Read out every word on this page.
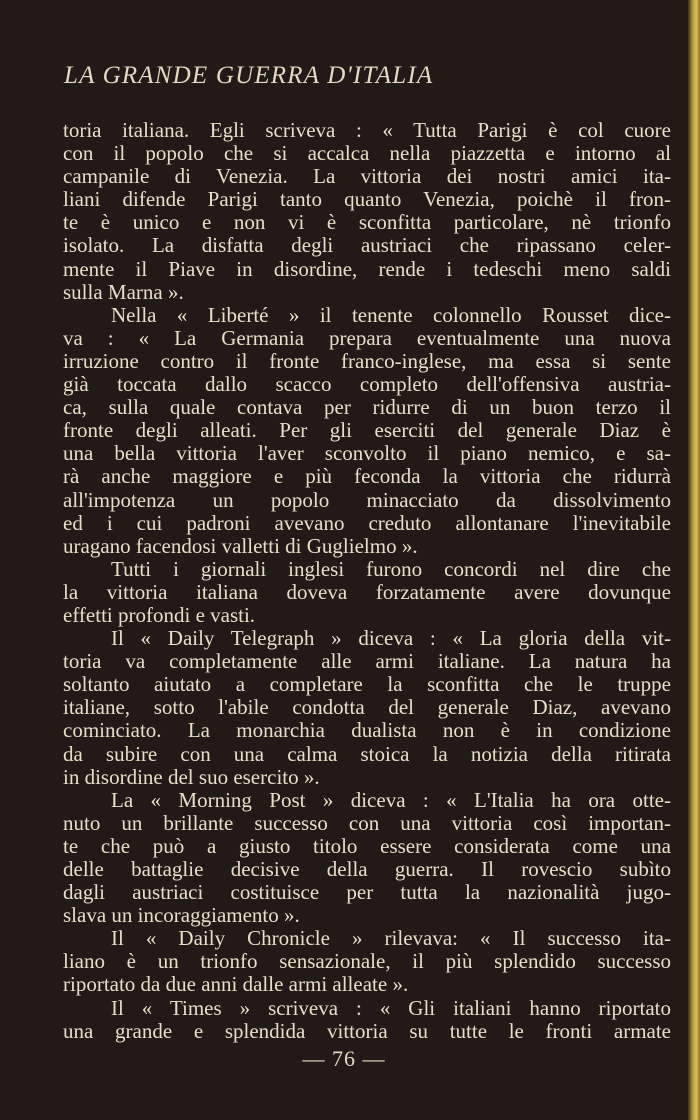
LA GRANDE GUERRA D'ITALIA
toria italiana. Egli scriveva : « Tutta Parigi è col cuore
con il popolo che si accalca nella piazzetta e intorno al
campanile di Venezia. La vittoria dei nostri amici ita-
liani difende Parigi tanto quanto Venezia, poichè il fron-
te è unico e non vi è sconfitta particolare, nè trionfo
isolato. La disfatta degli austriaci che ripassano celer-
mente il Piave in disordine, rende i tedeschi meno saldi
sulla Marna ».
Nella « Liberté » il tenente colonnello Rousset dice-
va : « La Germania prepara eventualmente una nuova
irruzione contro il fronte franco-inglese, ma essa si sente
già toccata dallo scacco completo dell'offensiva austria-
ca, sulla quale contava per ridurre di un buon terzo il
fronte degli alleati. Per gli eserciti del generale Diaz è
una bella vittoria l'aver sconvolto il piano nemico, e sa-
rà anche maggiore e più feconda la vittoria che ridurrà
all'impotenza un popolo minacciato da dissolvimento
ed i cui padroni avevano creduto allontanare l'inevitabile
uragano facendosi valletti di Guglielmo ».
Tutti i giornali inglesi furono concordi nel dire che
la vittoria italiana doveva forzatamente avere dovunque
effetti profondi e vasti.
Il « Daily Telegraph » diceva : « La gloria della vit-
toria va completamente alle armi italiane. La natura ha
soltanto aiutato a completare la sconfitta che le truppe
italiane, sotto l'abile condotta del generale Diaz, avevano
cominciato. La monarchia dualista non è in condizione
da subire con una calma stoica la notizia della ritirata
in disordine del suo esercito ».
La « Morning Post » diceva : « L'Italia ha ora otte-
nuto un brillante successo con una vittoria così importan-
te che può a giusto titolo essere considerata come una
delle battaglie decisive della guerra. Il rovescio subìto
dagli austriaci costituisce per tutta la nazionalità jugo-
slava un incoraggiamento ».
Il « Daily Chronicle » rilevava: « Il successo ita-
liano è un trionfo sensazionale, il più splendido successo
riportato da due anni dalle armi alleate ».
Il « Times » scriveva : « Gli italiani hanno riportato
una grande e splendida vittoria su tutte le fronti armate
— 76 —
